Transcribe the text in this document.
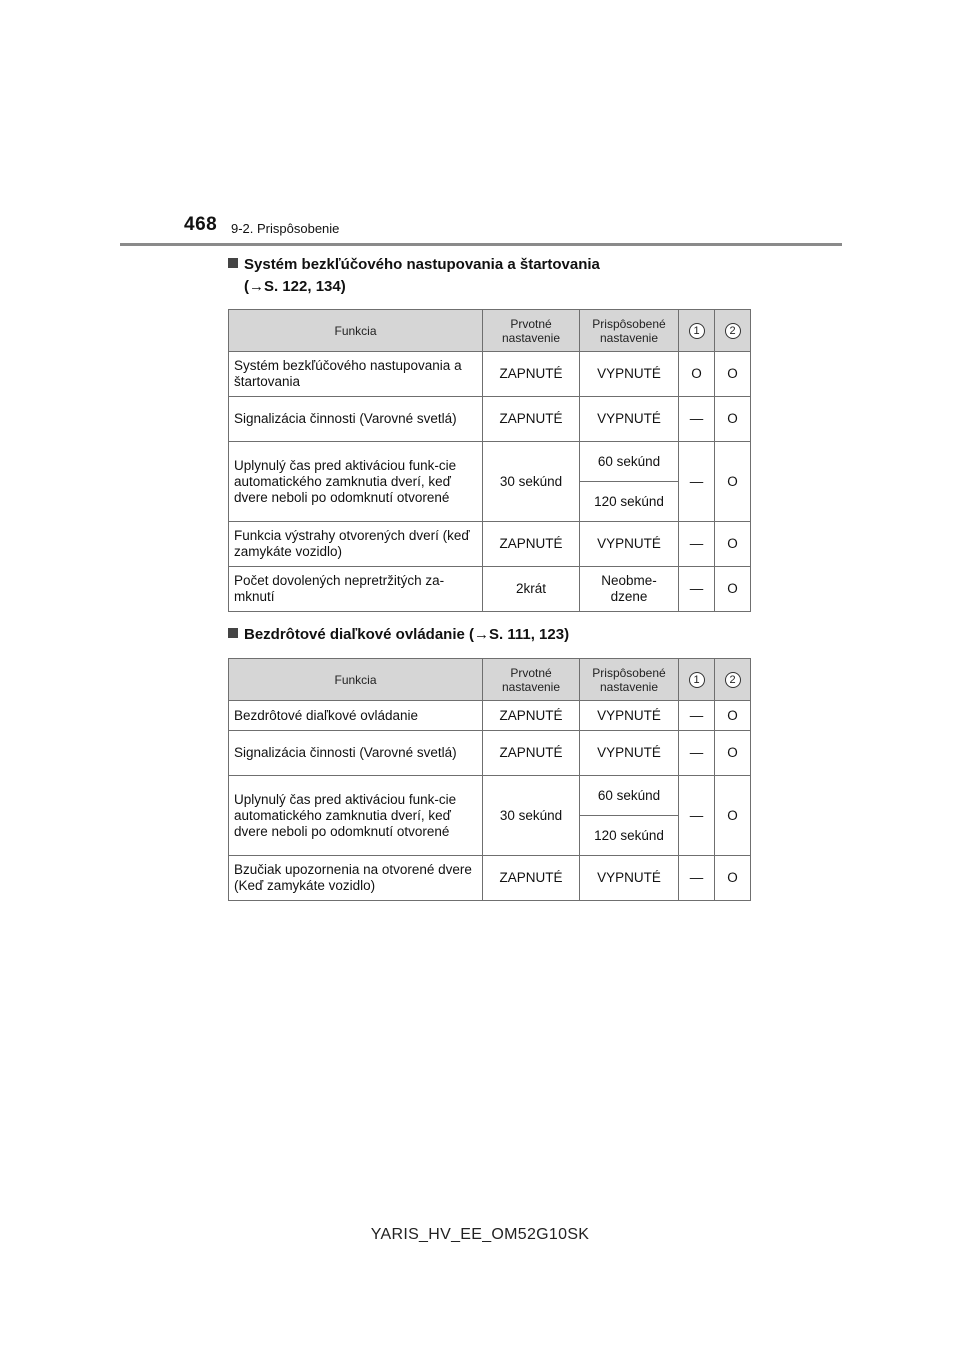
468 9-2. Prispôsobenie
Systém bezkľúčového nastupovania a štartovania
(→S. 122, 134)
Funkcia	Prvotné nastavenie	Prispôsobené nastavenie	1	2
Systém bezkľúčového nastupovania a štartovania	ZAPNUTÉ	VYPNUTÉ	O	O
Signalizácia činnosti (Varovné svetlá)	ZAPNUTÉ	VYPNUTÉ	—	O
Uplynulý čas pred aktiváciou funk-cie automatického zamknutia dverí, keď dvere neboli po odomknutí otvorené	30 sekúnd	60 sekúnd	—	O
		120 sekúnd		
Funkcia výstrahy otvorených dverí (keď zamykáte vozidlo)	ZAPNUTÉ	VYPNUTÉ	—	O
Počet dovolených nepretržitých za-mknutí	2krát	Neobme-dzene	—	O
Bezdrôtové diaľkové ovládanie (→S. 111, 123)
Funkcia	Prvotné nastavenie	Prispôsobené nastavenie	1	2
Bezdrôtové diaľkové ovládanie	ZAPNUTÉ	VYPNUTÉ	—	O
Signalizácia činnosti (Varovné svetlá)	ZAPNUTÉ	VYPNUTÉ	—	O
Uplynulý čas pred aktiváciou funk-cie automatického zamknutia dverí, keď dvere neboli po odomknutí otvorené	30 sekúnd	60 sekúnd	—	O
		120 sekúnd		
Bzučiak upozornenia na otvorené dvere (Keď zamykáte vozidlo)	ZAPNUTÉ	VYPNUTÉ	—	O
YARIS_HV_EE_OM52G10SK
